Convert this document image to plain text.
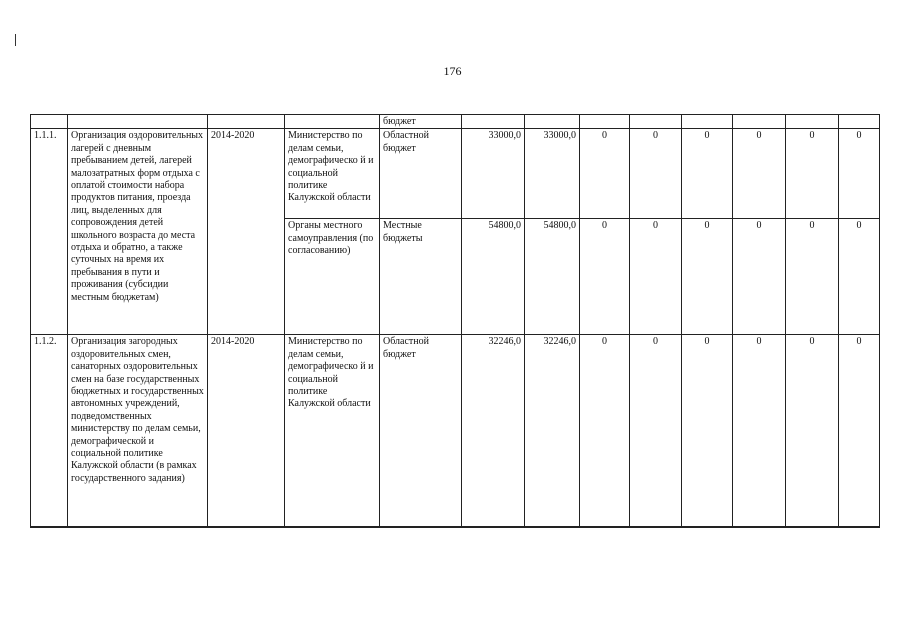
176
				бюджет								
1.1.1.	Организация оздоровительных лагерей с дневным пребыванием детей, лагерей малозатратных форм отдыха с оплатой стоимости набора продуктов питания, проезда лиц, выделенных для сопровождения детей школьного возраста до места отдыха и обратно, а также суточных на время их пребывания в пути и проживания (субсидии местным бюджетам)	2014-2020	Министерство по делам семьи, демографическо й и социальной политике Калужской области	Областной бюджет	33000,0	33000,0	0	0	0	0	0	0
			Органы местного самоуправления (по согласованию)	Местные бюджеты	54800,0	54800,0	0	0	0	0	0	0
1.1.2.	Организация загородных оздоровительных смен, санаторных оздоровительных смен на базе государственных бюджетных и государственных автономных учреждений, подведомственных министерству по делам семьи, демографической и социальной политике Калужской области (в рамках государственного задания)	2014-2020	Министерство по делам семьи, демографическо й и социальной политике Калужской области	Областной бюджет	32246,0	32246,0	0	0	0	0	0	0
